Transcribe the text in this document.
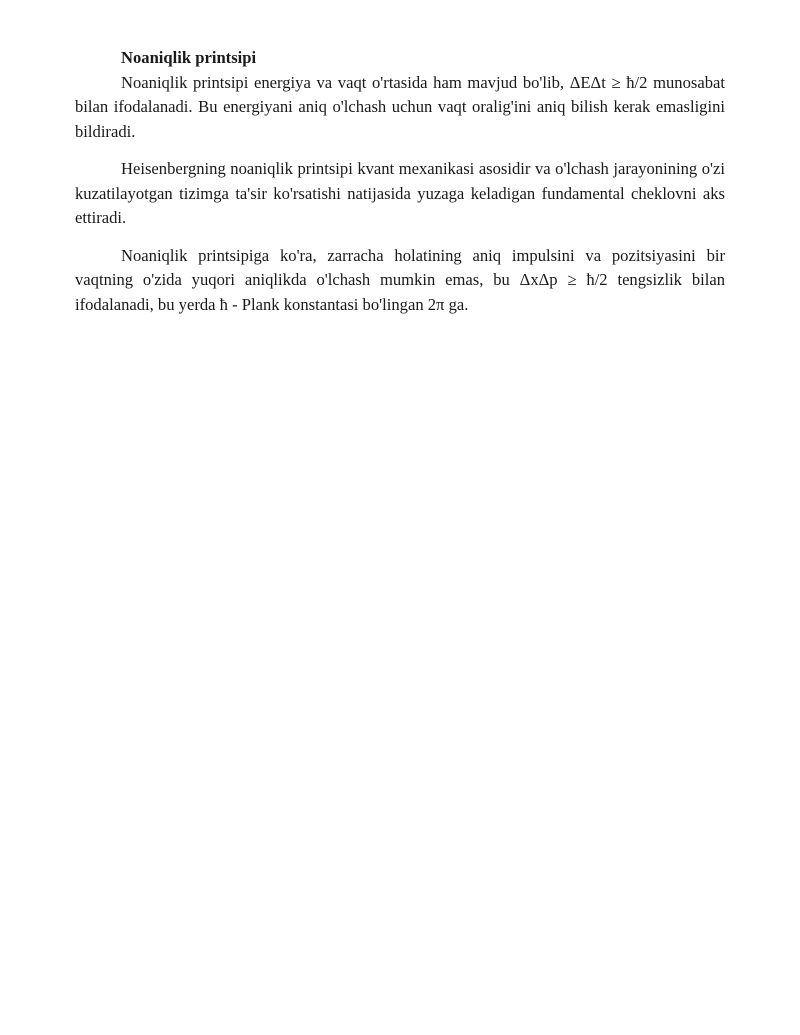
Noaniqlik printsipi

Noaniqlik printsipi energiya va vaqt o'rtasida ham mavjud bo'lib, ΔEΔt ≥ ħ/2 munosabat bilan ifodalanadi. Bu energiyani aniq o'lchash uchun vaqt oralig'ini aniq bilish kerak emasligini bildiradi.

Heisenbergning noaniqlik printsipi kvant mexanikasi asosidir va o'lchash jarayonining o'zi kuzatilayotgan tizimga ta'sir ko'rsatishi natijasida yuzaga keladigan fundamental cheklovni aks ettiradi.

Noaniqlik printsipiga ko'ra, zarracha holatining aniq impulsini va pozitsiyasini bir vaqtning o'zida yuqori aniqlikda o'lchash mumkin emas, bu ΔxΔp ≥ ħ/2 tengsizlik bilan ifodalanadi, bu yerda ħ - Plank konstantasi bo'lingan 2π ga.
